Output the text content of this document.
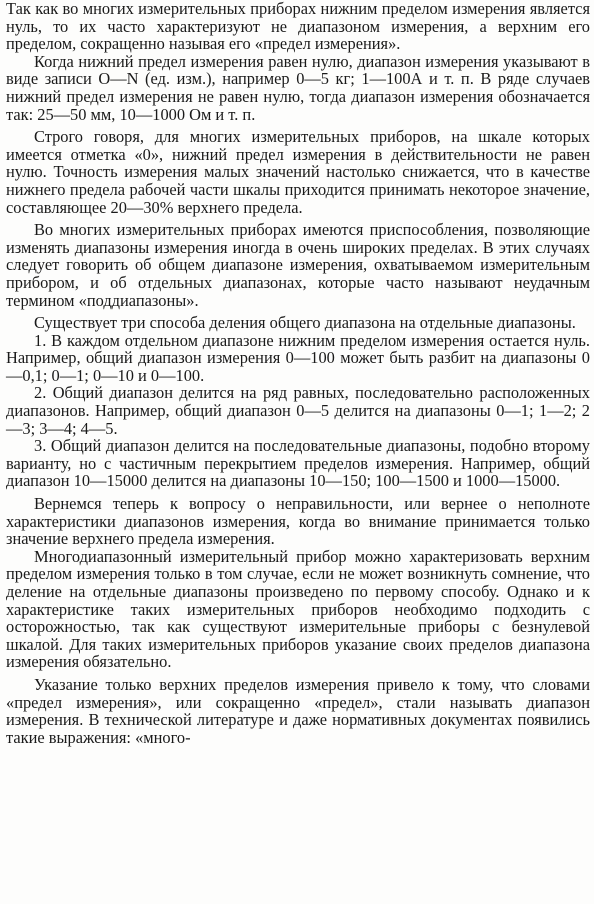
Так как во многих измерительных приборах нижним пределом измерения является нуль, то их часто характеризуют не диапазоном измерения, а верхним его пределом, сокращенно называя его «предел измерения».

Когда нижний предел измерения равен нулю, диапазон измерения указывают в виде записи O—N (ед. изм.), например 0—5 кг; 1—100А и т. п. В ряде случаев нижний предел измерения не равен нулю, тогда диапазон измерения обозначается так: 25—50 мм, 10—1000 Ом и т. п.

Строго говоря, для многих измерительных приборов, на шкале которых имеется отметка «0», нижний предел измерения в действительности не равен нулю. Точность измерения малых значений настолько снижается, что в качестве нижнего предела рабочей части шкалы приходится принимать некоторое значение, составляющее 20—30% верхнего предела.

Во многих измерительных приборах имеются приспособления, позволяющие изменять диапазоны измерения иногда в очень широких пределах. В этих случаях следует говорить об общем диапазоне измерения, охватываемом измерительным прибором, и об отдельных диапазонах, которые часто называют неудачным термином «поддиапазоны».

Существует три способа деления общего диапазона на отдельные диапазоны.

1. В каждом отдельном диапазоне нижним пределом измерения остается нуль. Например, общий диапазон измерения 0—100 может быть разбит на диапазоны 0—0,1; 0—1; 0—10 и 0—100.

2. Общий диапазон делится на ряд равных, последовательно расположенных диапазонов. Например, общий диапазон 0—5 делится на диапазоны 0—1; 1—2; 2—3; 3—4; 4—5.

3. Общий диапазон делится на последовательные диапазоны, подобно второму варианту, но с частичным перекрытием пределов измерения. Например, общий диапазон 10—15000 делится на диапазоны 10—150; 100—1500 и 1000—15000.

Вернемся теперь к вопросу о неправильности, или вернее о неполноте характеристики диапазонов измерения, когда во внимание принимается только значение верхнего предела измерения.

Многодиапазонный измерительный прибор можно характеризовать верхним пределом измерения только в том случае, если не может возникнуть сомнение, что деление на отдельные диапазоны произведено по первому способу. Однако и к характеристике таких измерительных приборов необходимо подходить с осторожностью, так как существуют измерительные приборы с безнулевой шкалой. Для таких измерительных приборов указание своих пределов диапазона измерения обязательно.

Указание только верхних пределов измерения привело к тому, что словами «предел измерения», или сокращенно «предел», стали называть диапазон измерения. В технической литературе и даже нормативных документах появились такие выражения: «много-
